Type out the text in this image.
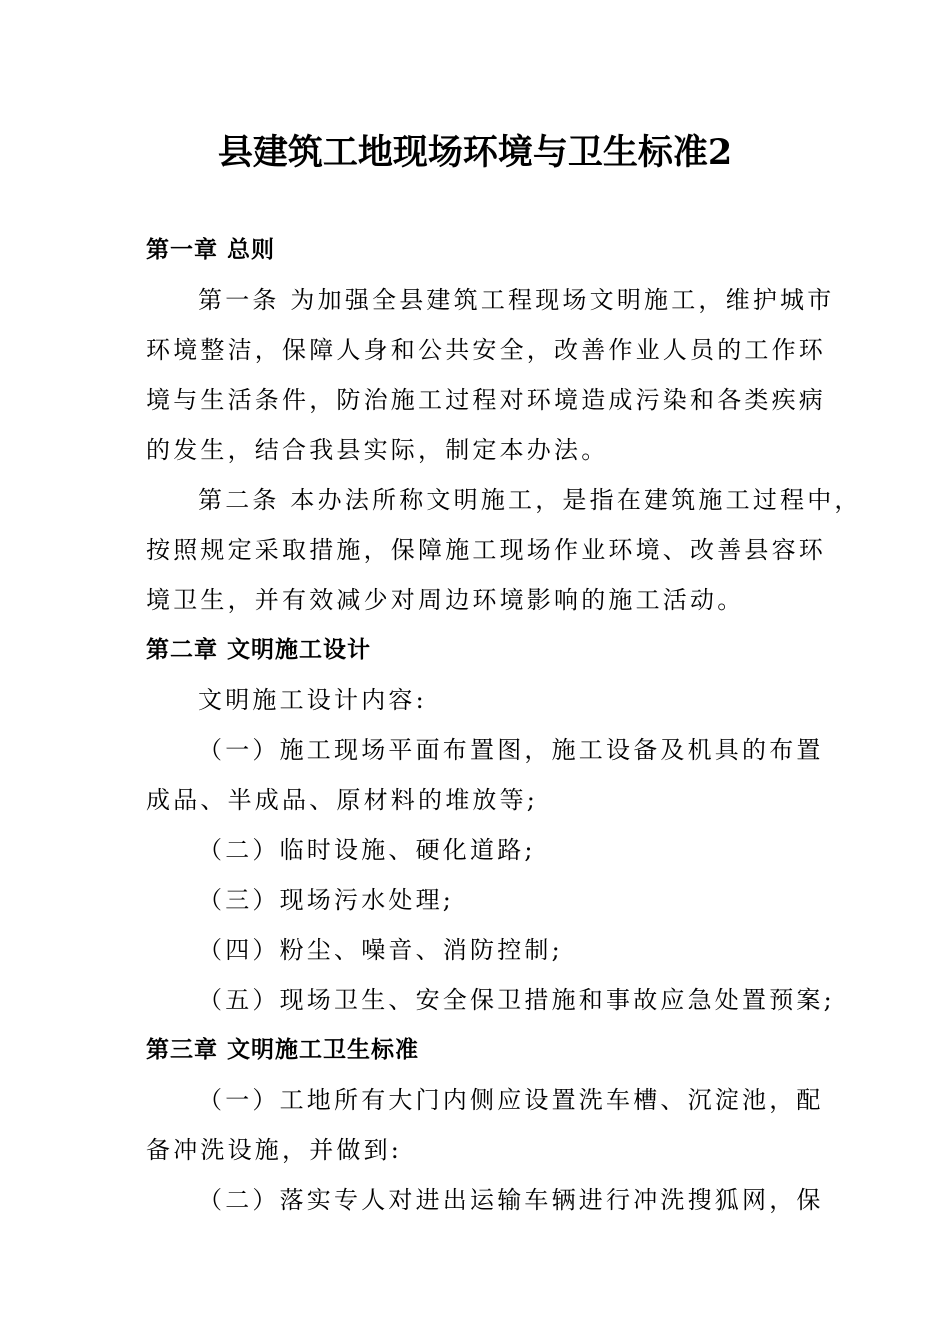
县建筑工地现场环境与卫生标准2
第一章 总则
第一条 为加强全县建筑工程现场文明施工，维护城市
环境整洁，保障人身和公共安全，改善作业人员的工作环
境与生活条件，防治施工过程对环境造成污染和各类疾病
的发生，结合我县实际，制定本办法。
第二条 本办法所称文明施工，是指在建筑施工过程中，
按照规定采取措施，保障施工现场作业环境、改善县容环
境卫生，并有效减少对周边环境影响的施工活动。
第二章 文明施工设计
文明施工设计内容:
（一）施工现场平面布置图，施工设备及机具的布置
成品、半成品、原材料的堆放等;
（二）临时设施、硬化道路;
（三）现场污水处理;
（四）粉尘、噪音、消防控制;
（五）现场卫生、安全保卫措施和事故应急处置预案;
第三章 文明施工卫生标准
（一）工地所有大门内侧应设置洗车槽、沉淀池，配
备冲洗设施，并做到:
（二）落实专人对进出运输车辆进行冲洗搜狐网，保
